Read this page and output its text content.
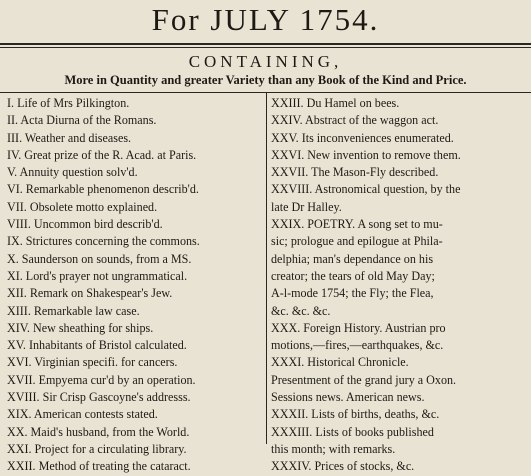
For JULY 1754.
CONTAINING,
More in Quantity and greater Variety than any Book of the Kind and Price.
I. Life of Mrs Pilkington.
II. Acta Diurna of the Romans.
III. Weather and diseases.
IV. Great prize of the R. Acad. at Paris.
V. Annuity question solv'd.
VI. Remarkable phenomenon describ'd.
VII. Obsolete motto explained.
VIII. Uncommon bird describ'd.
IX. Strictures concerning the commons.
X. Saunderson on sounds, from a MS.
XI. Lord's prayer not ungrammatical.
XII. Remark on Shakespear's Jew.
XIII. Remarkable law case.
XIV. New sheathing for ships.
XV. Inhabitants of Bristol calculated.
XVI. Virginian specifi. for cancers.
XVII. Empyema cur'd by an operation.
XVIII. Sir Crisp Gascoyne's addresss.
XIX. American contests stated.
XX. Maid's husband, from the World.
XXI. Project for a circulating library.
XXII. Method of treating the cataract.
XXIII. Du Hamel on bees.
XXIV. Abstract of the waggon act.
XXV. Its inconveniences enumerated.
XXVI. New invention to remove them.
XXVII. The Mason-Fly described.
XXVIII. Astronomical question, by the
late Dr Halley.
XXIX. POETRY. A song set to mu-
sic; prologue and epilogue at Phila-
delphia; man's dependance on his
creator; the tears of old May Day;
A-l-mode 1754; the Fly; the Flea,
&c. &c. &c.
XXX. Foreign History. Austrian pro
motions,—fires,—earthquakes, &c.
XXXI. Historical Chronicle.
Presentment of the grand jury a Oxon.
Sessions news. American news.
XXXII. Lists of births, deaths, &c.
XXXIII. Lists of books published
this month; with remarks.
XXXIV. Prices of stocks, &c.
